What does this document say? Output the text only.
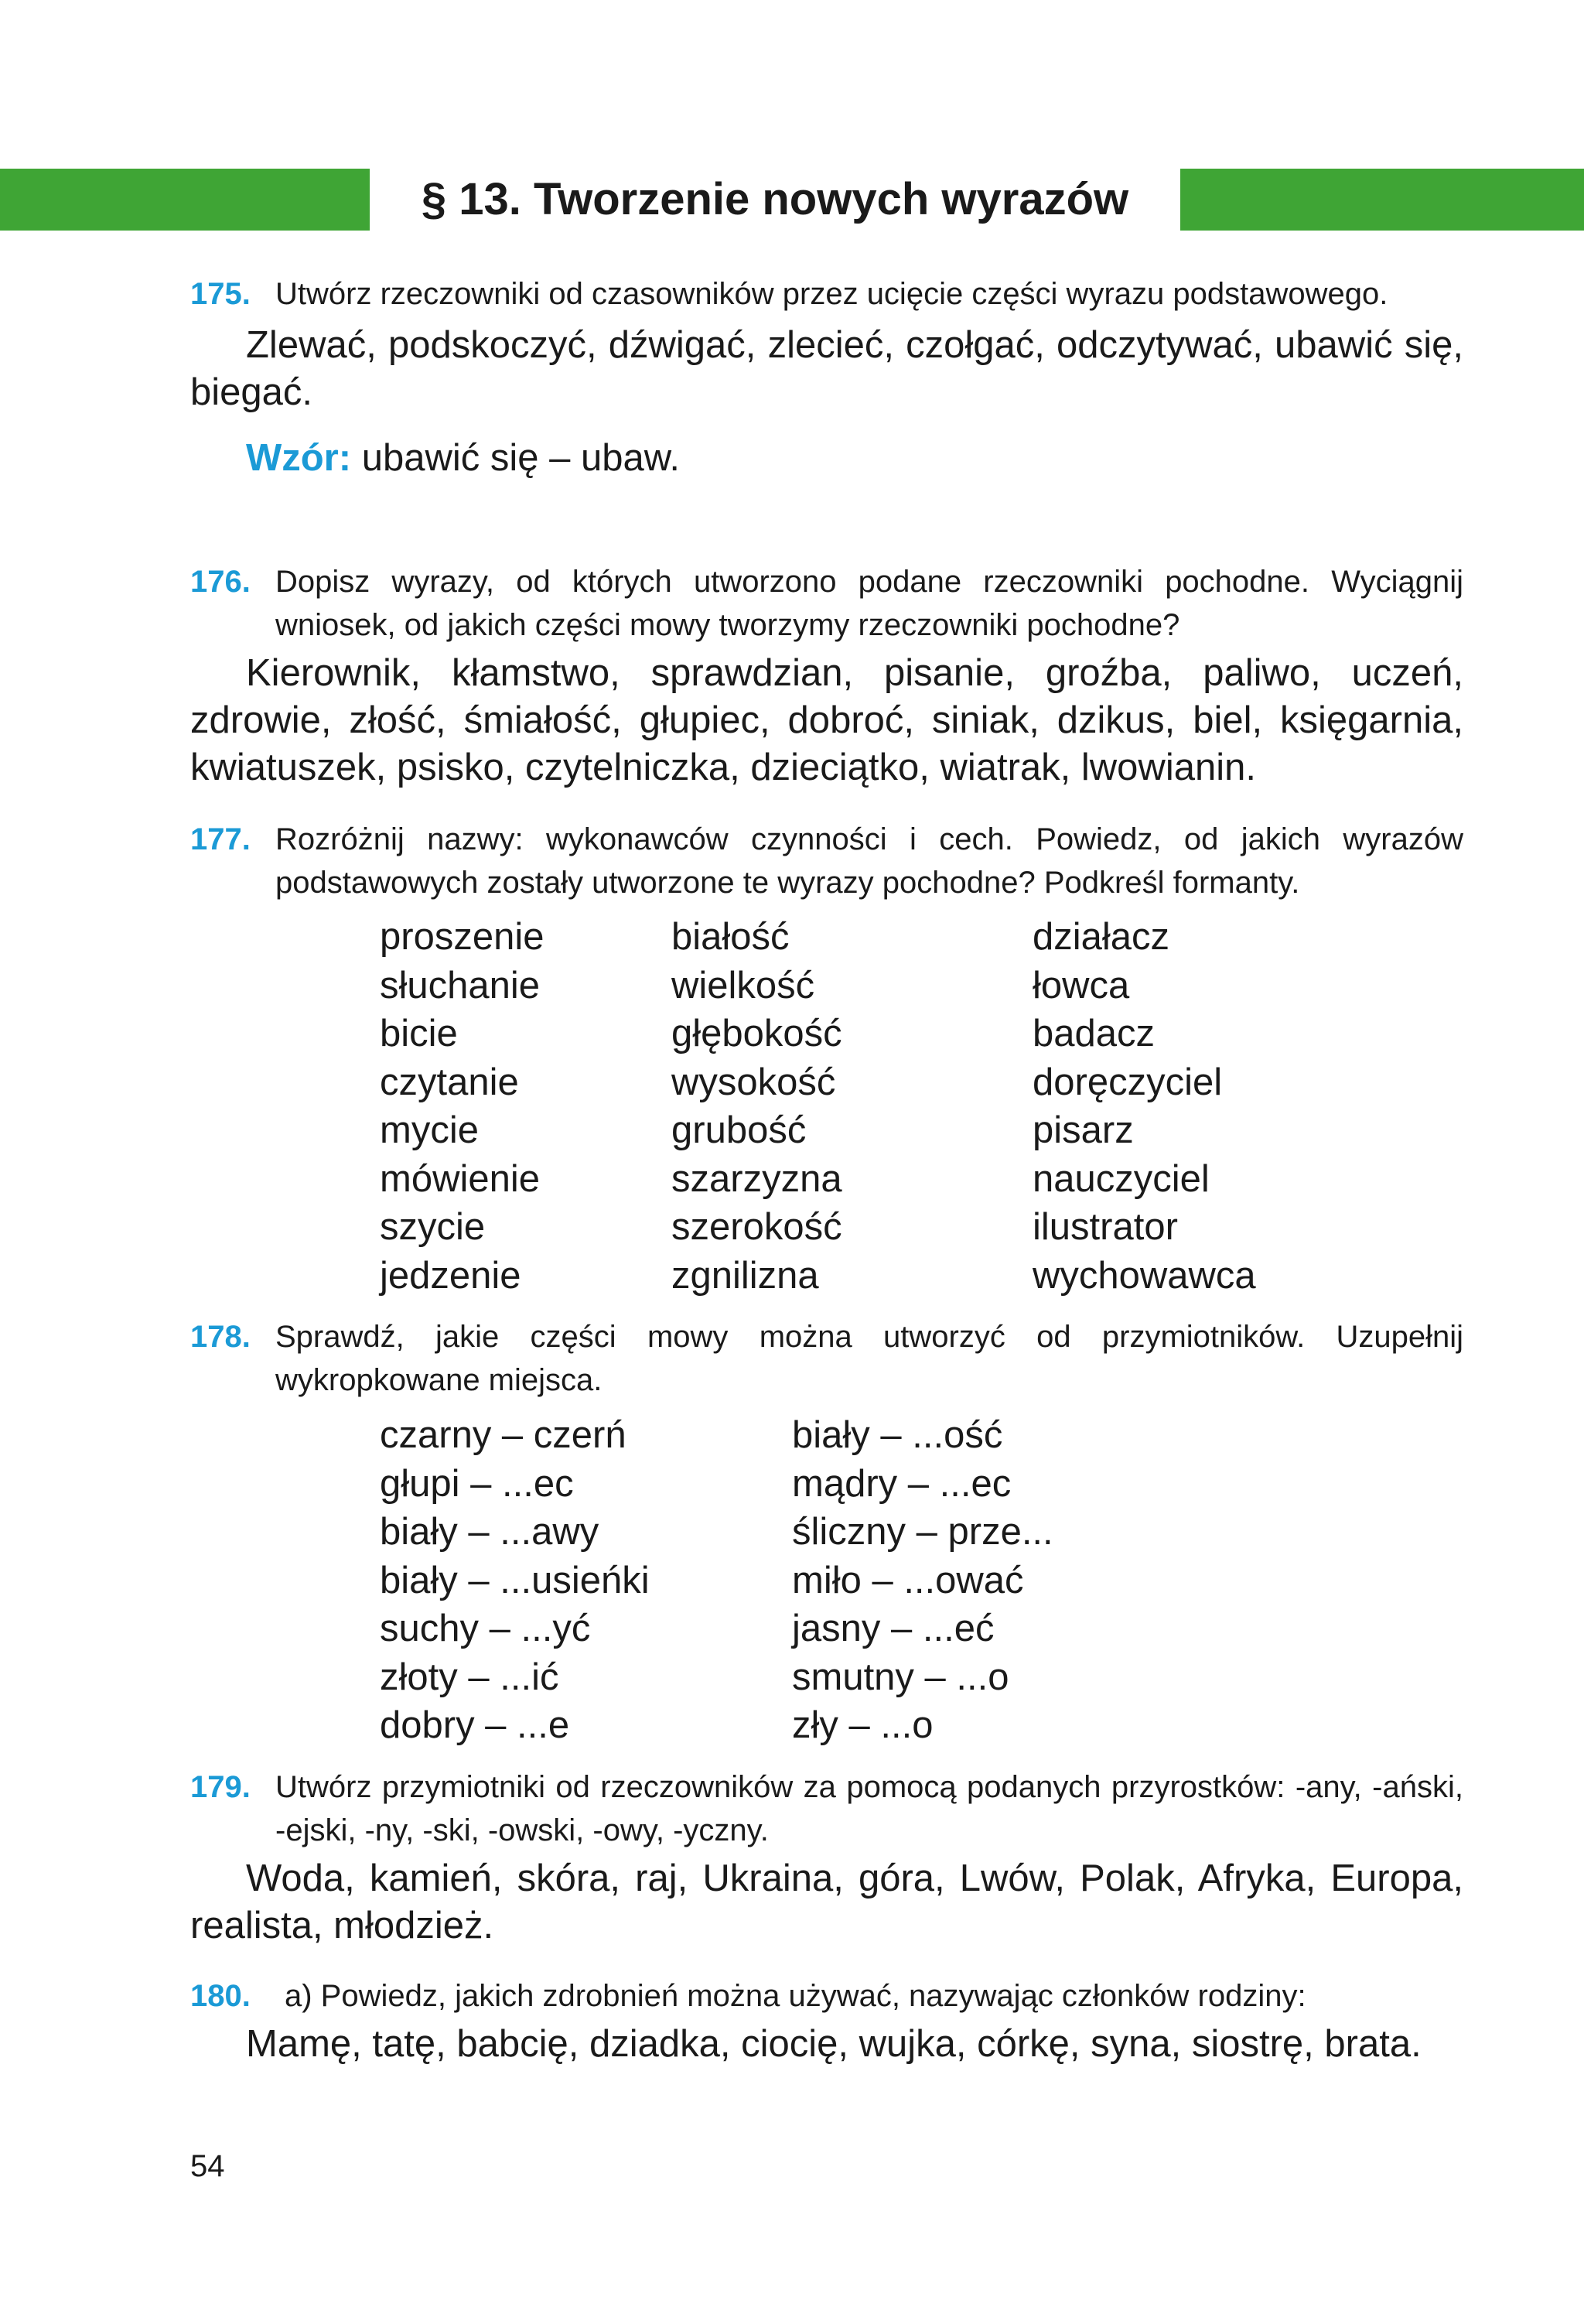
§ 13. Tworzenie nowych wyrazów
175. Utwórz rzeczowniki od czasowników przez ucięcie części wyrazu podstawowego.
Zlewać, podskoczyć, dźwigać, zlecieć, czołgać, odczytywać, ubawić się, biegać.
Wzór: ubawić się – ubaw.
176. Dopisz wyrazy, od których utworzono podane rzeczowniki pochodne. Wyciągnij wniosek, od jakich części mowy tworzymy rzeczowniki pochodne?
Kierownik, kłamstwo, sprawdzian, pisanie, groźba, paliwo, uczeń, zdrowie, złość, śmiałość, głupiec, dobroć, siniak, dzikus, biel, księgarnia, kwiatuszek, psisko, czytelniczka, dzieciątko, wiatrak, lwowianin.
177. Rozróżnij nazwy: wykonawców czynności i cech. Powiedz, od jakich wyrazów podstawowych zostały utworzone te wyrazy pochodne? Podkreśl formanty.
proszenie
słuchanie
bicie
czytanie
mycie
mówienie
szycie
jedzenie
białość
wielkość
głębokość
wysokość
grubość
szarzyzna
szerokość
zgnilizna
działacz
łowca
badacz
doręczyciel
pisarz
nauczyciel
ilustrator
wychowawca
178. Sprawdź, jakie części mowy można utworzyć od przymiotników. Uzupełnij wykropkowane miejsca.
czarny – czerń
głupi – ...ec
biały – ...awy
biały – ...usieńki
suchy – ...yć
złoty – ...ić
dobry – ...e
biały – ...ość
mądry – ...ec
śliczny – prze...
miło – ...ować
jasny – ...eć
smutny – ...o
zły – ...o
179. Utwórz przymiotniki od rzeczowników za pomocą podanych przyrostków: -any, -ański, -ejski, -ny, -ski, -owski, -owy, -yczny.
Woda, kamień, skóra, raj, Ukraina, góra, Lwów, Polak, Afryka, Europa, realista, młodzież.
180. a) Powiedz, jakich zdrobnień można używać, nazywając członków rodziny:
Mamę, tatę, babcię, dziadka, ciocię, wujka, córkę, syna, siostrę, brata.
54
